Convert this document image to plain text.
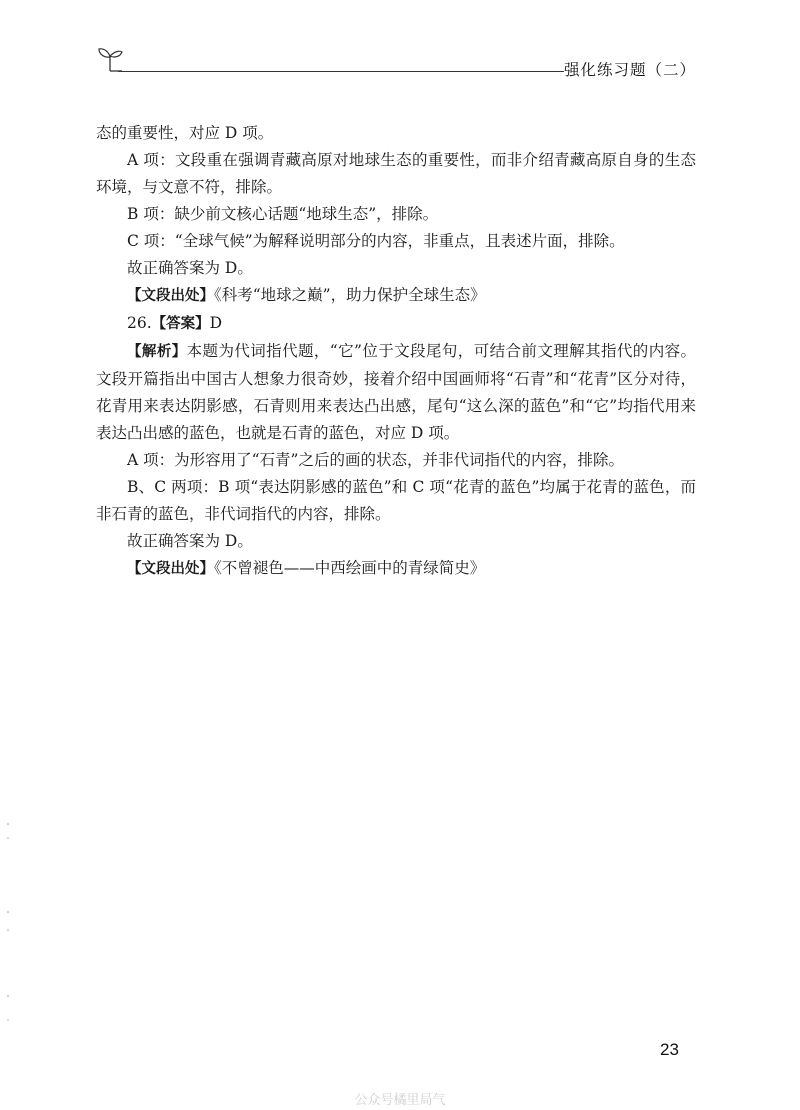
强化练习题（二）

态的重要性，对应 D 项。

A 项：文段重在强调青藏高原对地球生态的重要性，而非介绍青藏高原自身的生态环境，与文意不符，排除。

B 项：缺少前文核心话题“地球生态”，排除。

C 项：“全球气候”为解释说明部分的内容，非重点，且表述片面，排除。

故正确答案为 D。

【文段出处】《科考“地球之巅”，助力保护全球生态》

26.【答案】D

【解析】本题为代词指代题，“它”位于文段尾句，可结合前文理解其指代的内容。文段开篇指出中国古人想象力很奇妙，接着介绍中国画师将“石青”和“花青”区分对待，花青用来表达阴影感，石青则用来表达凸出感，尾句“这么深的蓝色”和“它”均指代用来表达凸出感的蓝色，也就是石青的蓝色，对应 D 项。

A 项：为形容用了“石青”之后的画的状态，并非代词指代的内容，排除。

B、C 两项：B 项“表达阴影感的蓝色”和 C 项“花青的蓝色”均属于花青的蓝色，而非石青的蓝色，非代词指代的内容，排除。

故正确答案为 D。

【文段出处】《不曾褪色——中西绘画中的青绿简史》

23
公众号橘里局气
